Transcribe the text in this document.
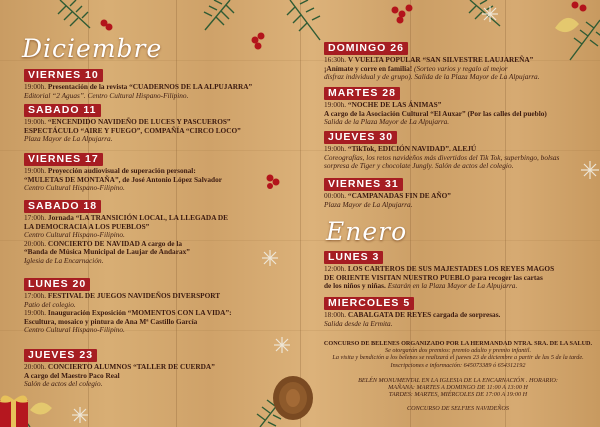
Diciembre
Enero
VIERNES 10
19:00h. Presentación de la revista “CUADERNOS DE LA ALPUJARRA”
Editorial “2 Aguas”. Centro Cultural Hispano-Filipino.
SABADO 11
19:00h. “ENCENDIDO NAVIDEÑO DE LUCES Y PASCUEROS”
ESPECTÁCULO “AIRE Y FUEGO”, COMPAÑÍA “CIRCO LOCO”
Plaza Mayor de La Alpujarra.
VIERNES 17
19:00h. Proyección audiovisual de superación personal:
“MULETAS DE MONTAÑA”, de José Antonio López Salvador
Centro Cultural Hispano-Filipino.
SABADO 18
17:00h. Jornada “LA TRANSICIÓN LOCAL, LA LLEGADA DE
LA DEMOCRACIA A LOS PUEBLOS”
Centro Cultural Hispano-Filipino.
20:00h. CONCIERTO DE NAVIDAD A cargo de la
“Banda de Música Municipal de Laujar de Andarax”
Iglesia de La Encarnación.
LUNES 20
17:00h. FESTIVAL DE JUEGOS NAVIDEÑOS DIVERSPORT
Patio del colegio.
19:00h. Inauguración Exposición “MOMENTOS CON LA VIDA”:
Escultura, mosaico y pintura de Ana Mª Castillo García
Centro Cultural Hispano-Filipino.
JUEVES 23
20:00h. CONCIERTO ALUMNOS “TALLER DE CUERDA”
A cargo del Maestro Paco Real
Salón de actos del colegio.
DOMINGO 26
16:30h. V VUELTA POPULAR “SAN SILVESTRE LAUJAREÑA”
¡Anímate y corre en familia! (Sorteo varios y regalo al mejor
disfraz individual y de grupo). Salida de la Plaza Mayor de La Alpujarra.
MARTES 28
19:00h. “NOCHE DE LAS ÁNIMAS”
A cargo de la Asociación Cultural “El Auxar” (Por las calles del pueblo)
Salida de la Plaza Mayor de La Alpujarra.
JUEVES 30
19:00h. “TikTok, EDICIÓN NAVIDAD”. ALEJÚ
Coreografías, los retos navideños más divertidos del Tik Tok, superbingo, bolsas
sorpresa de Tiger y chocolate Jungly. Salón de actos del colegio.
VIERNES 31
00:00h. “CAMPANADAS FIN DE AÑO”
Plaza Mayor de La Alpujarra.
LUNES 3
12:00h. LOS CARTEROS DE SUS MAJESTADES LOS REYES MAGOS
DE ORIENTE VISITAN NUESTRO PUEBLO para recoger las cartas
de los niños y niñas. Estarán en la Plaza Mayor de La Alpujarra.
MIERCOLES 5
18:00h. CABALGATA DE REYES cargada de sorpresas.
Salida desde la Ermita.
CONCURSO DE BELENES ORGANIZADO POR LA HERMANDAD NTRA. SRA. DE LA SALUD.
Se otorgarán dos premios: premio adulto y premio infantil.
La visita y bendición a los belenes se realizará el jueves 23 de diciembre a partir de las 5 de la tarde.
Inscripciones e información: 645073389 ó 654312192
BELÉN MONUMENTAL EN LA IGLESIA DE LA ENCARNACIÓN . HORARIO:
MAÑANA: MARTES A DOMINGO DE 11:00 A 13:00 H
TARDES: MARTES, MIÉRCOLES DE 17:00 A 19:00 H
CONCURSO DE SELFIES NAVIDEÑOS
